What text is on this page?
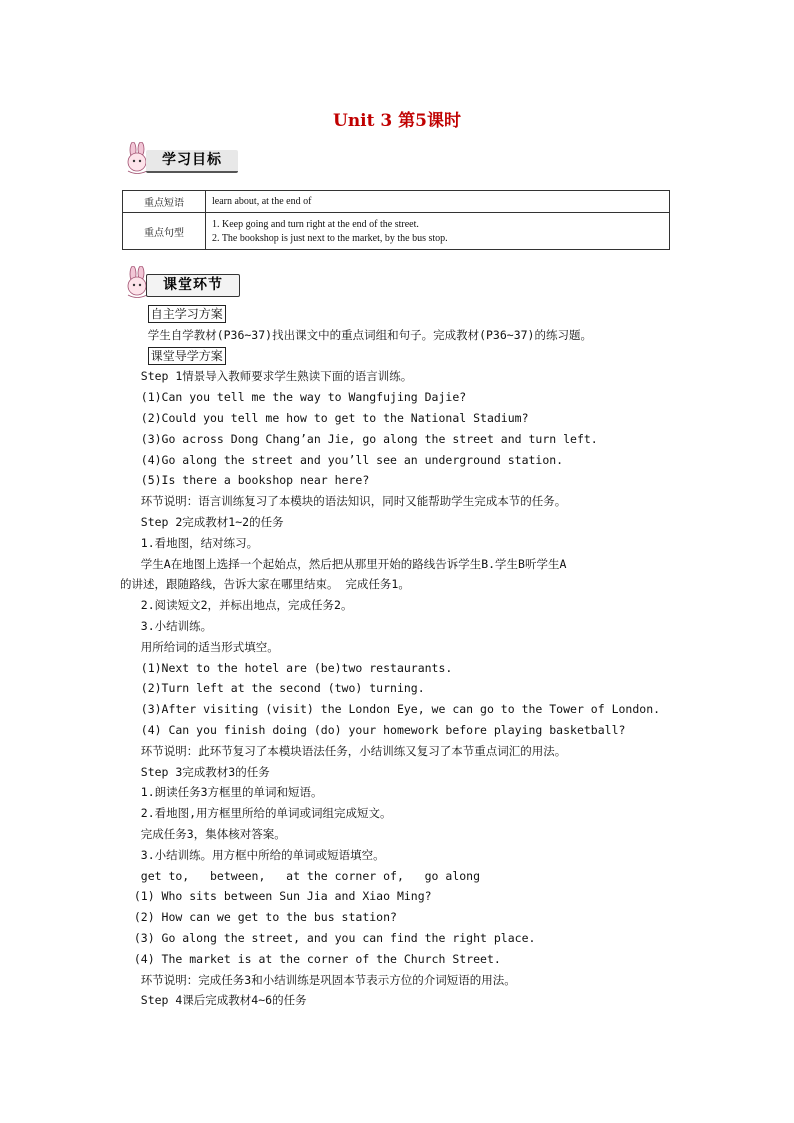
Unit 3 第5课时
学习目标
重点短语	learn about, at the end of

重点句型	1. Keep going and turn right at the end of the street.
2. The bookshop is just next to the market, by the bus stop.
课堂环节
自主学习方案
学生自学教材(P36~37)找出课文中的重点词组和句子。完成教材(P36~37)的练习题。
课堂导学方案
Step 1情景导入教师要求学生熟读下面的语言训练。
(1)Can you tell me the way to Wangfujing Dajie?
(2)Could you tell me how to get to the National Stadium?
(3)Go across Dong Chang’an Jie, go along the street and turn left.
(4)Go along the street and you’ll see an underground station.
(5)Is there a bookshop near here?
环节说明：语言训练复习了本模块的语法知识，同时又能帮助学生完成本节的任务。
Step 2完成教材1~2的任务
1.看地图，结对练习。
学生A在地图上选择一个起始点，然后把从那里开始的路线告诉学生B.学生B听学生A
的讲述，跟随路线，告诉大家在哪里结束。 完成任务1。
2.阅读短文2，并标出地点，完成任务2。
3.小结训练。
用所给词的适当形式填空。
(1)Next to the hotel are (be)two restaurants.
(2)Turn left at the second (two) turning.
(3)After visiting (visit) the London Eye, we can go to the Tower of London.
(4) Can you finish doing (do) your homework before playing basketball?
环节说明：此环节复习了本模块语法任务，小结训练又复习了本节重点词汇的用法。
Step 3完成教材3的任务
1.朗读任务3方框里的单词和短语。
2.看地图,用方框里所给的单词或词组完成短文。
完成任务3，集体核对答案。
3.小结训练。用方框中所给的单词或短语填空。
get to,   between,   at the corner of,   go along
(1) Who sits between Sun Jia and Xiao Ming?
(2) How can we get to the bus station?
(3) Go along the street, and you can find the right place.
(4) The market is at the corner of the Church Street.
环节说明：完成任务3和小结训练是巩固本节表示方位的介词短语的用法。
Step 4课后完成教材4~6的任务
